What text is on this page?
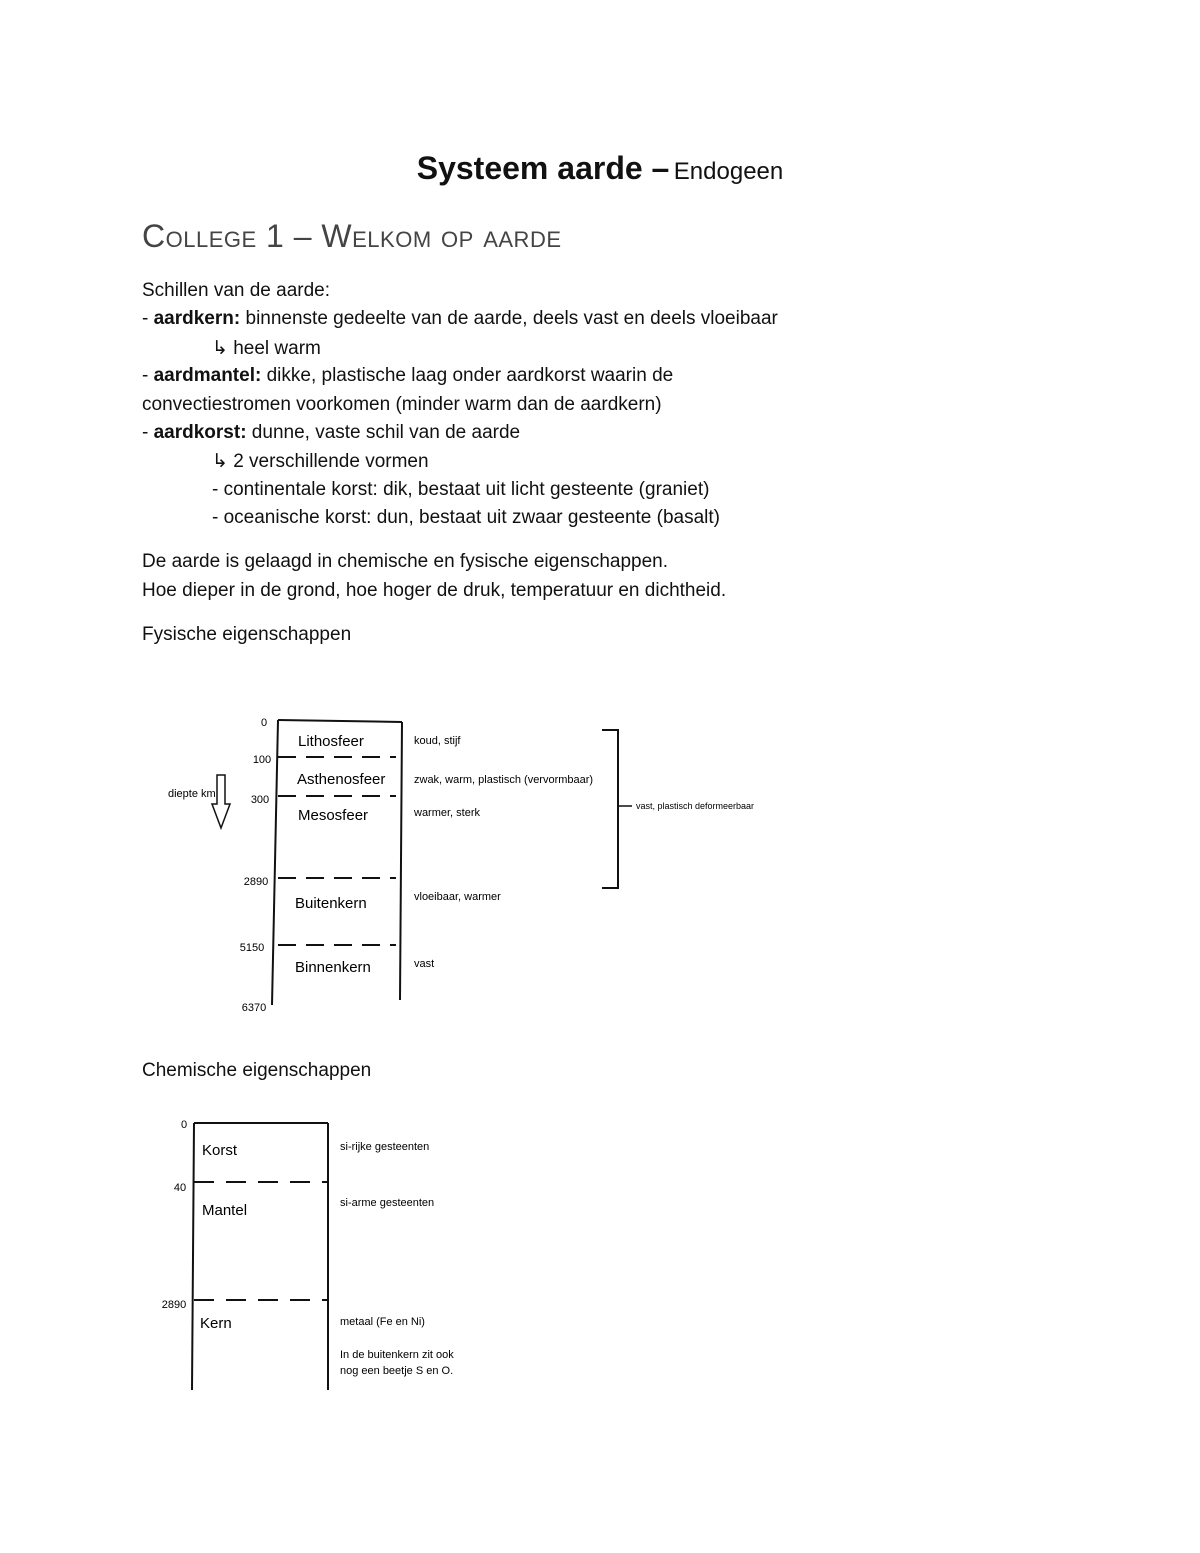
Systeem aarde – Endogeen
College 1 – Welkom op aarde
Schillen van de aarde:
- aardkern: binnenste gedeelte van de aarde, deels vast en deels vloeibaar
↳ heel warm
- aardmantel: dikke, plastische laag onder aardkorst waarin de
convectiestromen voorkomen (minder warm dan de aardkern)
- aardkorst: dunne, vaste schil van de aarde
↳ 2 verschillende vormen
- continentale korst: dik, bestaat uit licht gesteente (graniet)
- oceanische korst: dun, bestaat uit zwaar gesteente (basalt)
De aarde is gelaagd in chemische en fysische eigenschappen.
Hoe dieper in de grond, hoe hoger de druk, temperatuur en dichtheid.
Fysische eigenschappen
0
100
300
2890
5150
6370
Lithosfeer
Asthenosfeer
Mesosfeer
Buitenkern
Binnenkern
koud, stijf
zwak, warm, plastisch (vervormbaar)
warmer, sterk
vloeibaar, warmer
vast
diepte km
vast, plastisch deformeerbaar
Chemische eigenschappen
0
40
2890
Korst
Mantel
Kern
si-rijke gesteenten
si-arme gesteenten
metaal (Fe en Ni)
In de buitenkern zit ook
nog een beetje S en O.
